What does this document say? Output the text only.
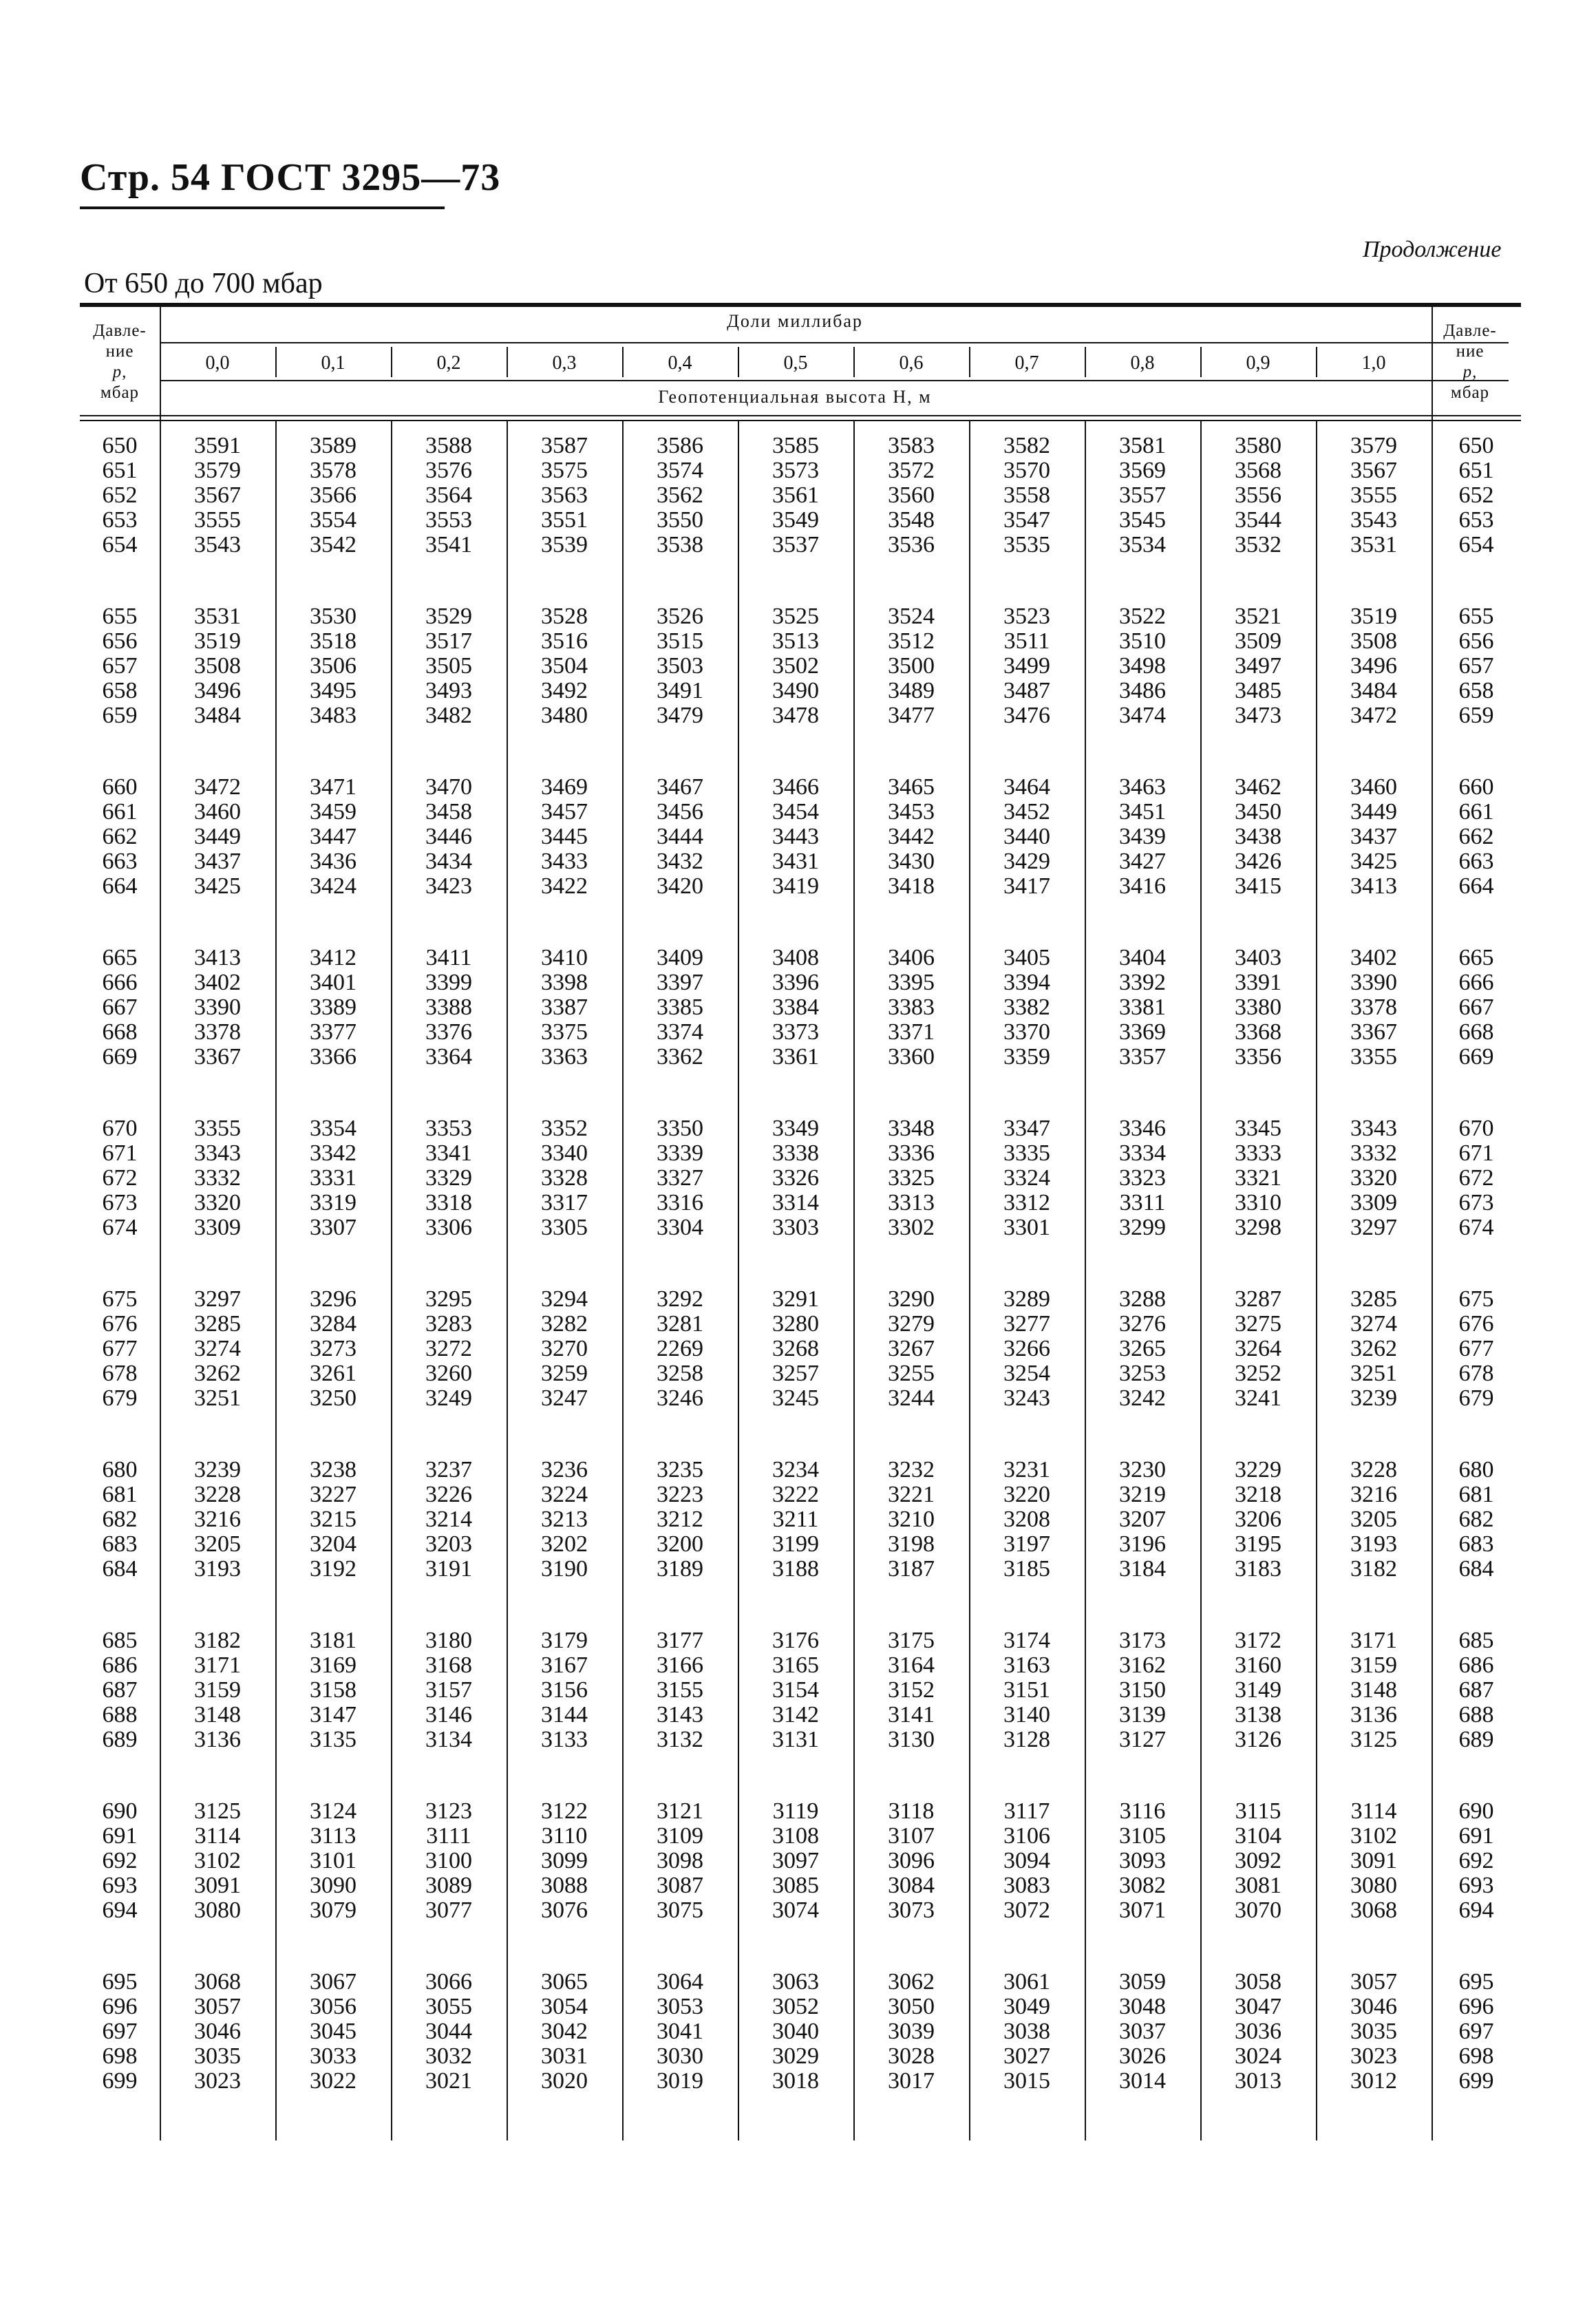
Стр. 54 ГОСТ 3295—73
Продолжение
От 650 до 700 мбар
Давле-
ние
p,
мбар
Давле-
ние
p,
мбар
Доли миллибар
Геопотенциальная высота H, м
0,0	0,1	0,2	0,3	0,4	0,5	0,6	0,7	0,8	0,9	1,0
650	3591	3589	3588	3587	3586	3585	3583	3582	3581	3580	3579	650
651	3579	3578	3576	3575	3574	3573	3572	3570	3569	3568	3567	651
652	3567	3566	3564	3563	3562	3561	3560	3558	3557	3556	3555	652
653	3555	3554	3553	3551	3550	3549	3548	3547	3545	3544	3543	653
654	3543	3542	3541	3539	3538	3537	3536	3535	3534	3532	3531	654
655	3531	3530	3529	3528	3526	3525	3524	3523	3522	3521	3519	655
656	3519	3518	3517	3516	3515	3513	3512	3511	3510	3509	3508	656
657	3508	3506	3505	3504	3503	3502	3500	3499	3498	3497	3496	657
658	3496	3495	3493	3492	3491	3490	3489	3487	3486	3485	3484	658
659	3484	3483	3482	3480	3479	3478	3477	3476	3474	3473	3472	659
660	3472	3471	3470	3469	3467	3466	3465	3464	3463	3462	3460	660
661	3460	3459	3458	3457	3456	3454	3453	3452	3451	3450	3449	661
662	3449	3447	3446	3445	3444	3443	3442	3440	3439	3438	3437	662
663	3437	3436	3434	3433	3432	3431	3430	3429	3427	3426	3425	663
664	3425	3424	3423	3422	3420	3419	3418	3417	3416	3415	3413	664
665	3413	3412	3411	3410	3409	3408	3406	3405	3404	3403	3402	665
666	3402	3401	3399	3398	3397	3396	3395	3394	3392	3391	3390	666
667	3390	3389	3388	3387	3385	3384	3383	3382	3381	3380	3378	667
668	3378	3377	3376	3375	3374	3373	3371	3370	3369	3368	3367	668
669	3367	3366	3364	3363	3362	3361	3360	3359	3357	3356	3355	669
670	3355	3354	3353	3352	3350	3349	3348	3347	3346	3345	3343	670
671	3343	3342	3341	3340	3339	3338	3336	3335	3334	3333	3332	671
672	3332	3331	3329	3328	3327	3326	3325	3324	3323	3321	3320	672
673	3320	3319	3318	3317	3316	3314	3313	3312	3311	3310	3309	673
674	3309	3307	3306	3305	3304	3303	3302	3301	3299	3298	3297	674
675	3297	3296	3295	3294	3292	3291	3290	3289	3288	3287	3285	675
676	3285	3284	3283	3282	3281	3280	3279	3277	3276	3275	3274	676
677	3274	3273	3272	3270	2269	3268	3267	3266	3265	3264	3262	677
678	3262	3261	3260	3259	3258	3257	3255	3254	3253	3252	3251	678
679	3251	3250	3249	3247	3246	3245	3244	3243	3242	3241	3239	679
680	3239	3238	3237	3236	3235	3234	3232	3231	3230	3229	3228	680
681	3228	3227	3226	3224	3223	3222	3221	3220	3219	3218	3216	681
682	3216	3215	3214	3213	3212	3211	3210	3208	3207	3206	3205	682
683	3205	3204	3203	3202	3200	3199	3198	3197	3196	3195	3193	683
684	3193	3192	3191	3190	3189	3188	3187	3185	3184	3183	3182	684
685	3182	3181	3180	3179	3177	3176	3175	3174	3173	3172	3171	685
686	3171	3169	3168	3167	3166	3165	3164	3163	3162	3160	3159	686
687	3159	3158	3157	3156	3155	3154	3152	3151	3150	3149	3148	687
688	3148	3147	3146	3144	3143	3142	3141	3140	3139	3138	3136	688
689	3136	3135	3134	3133	3132	3131	3130	3128	3127	3126	3125	689
690	3125	3124	3123	3122	3121	3119	3118	3117	3116	3115	3114	690
691	3114	3113	3111	3110	3109	3108	3107	3106	3105	3104	3102	691
692	3102	3101	3100	3099	3098	3097	3096	3094	3093	3092	3091	692
693	3091	3090	3089	3088	3087	3085	3084	3083	3082	3081	3080	693
694	3080	3079	3077	3076	3075	3074	3073	3072	3071	3070	3068	694
695	3068	3067	3066	3065	3064	3063	3062	3061	3059	3058	3057	695
696	3057	3056	3055	3054	3053	3052	3050	3049	3048	3047	3046	696
697	3046	3045	3044	3042	3041	3040	3039	3038	3037	3036	3035	697
698	3035	3033	3032	3031	3030	3029	3028	3027	3026	3024	3023	698
699	3023	3022	3021	3020	3019	3018	3017	3015	3014	3013	3012	699
